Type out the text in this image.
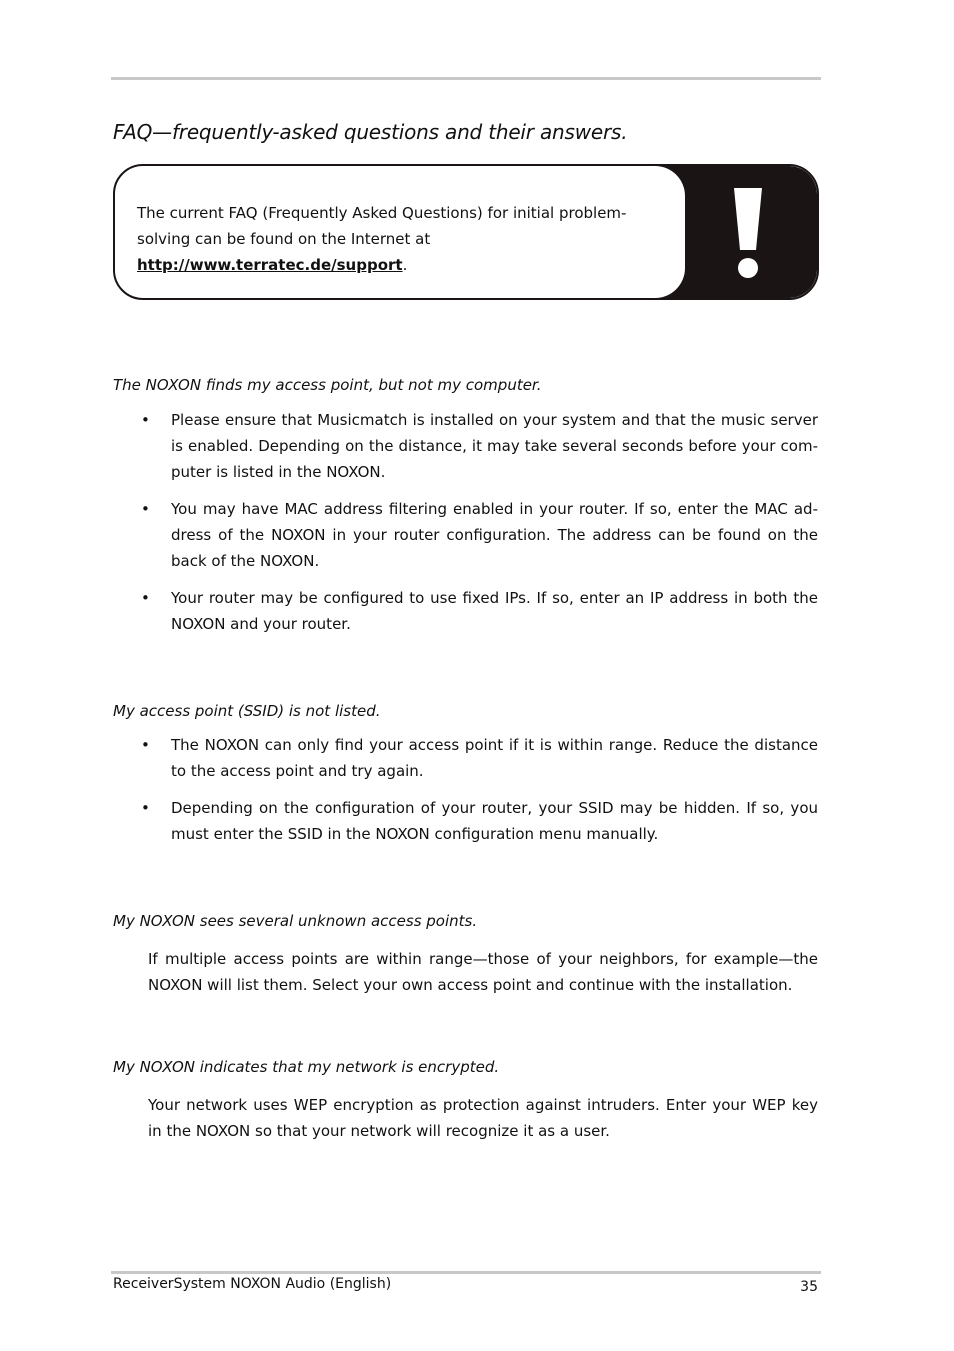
FAQ—frequently-asked questions and their answers.

The current FAQ (Frequently Asked Questions) for initial problem-solving can be found on the Internet at
http://www.terratec.de/support.

The NOXON finds my access point, but not my computer.
• Please ensure that Musicmatch is installed on your system and that the music server is enabled. Depending on the distance, it may take several seconds before your com-puter is listed in the NOXON.
• You may have MAC address filtering enabled in your router. If so, enter the MAC ad-dress of the NOXON in your router configuration. The address can be found on the back of the NOXON.
• Your router may be configured to use fixed IPs. If so, enter an IP address in both the NOXON and your router.
My access point (SSID) is not listed.
• The NOXON can only find your access point if it is within range. Reduce the distance to the access point and try again.
• Depending on the configuration of your router, your SSID may be hidden. If so, you must enter the SSID in the NOXON configuration menu manually.
My NOXON sees several unknown access points.

If multiple access points are within range—those of your neighbors, for example—the NOXON will list them. Select your own access point and continue with the installation.

My NOXON indicates that my network is encrypted.

Your network uses WEP encryption as protection against intruders. Enter your WEP key in the NOXON so that your network will recognize it as a user.

ReceiverSystem NOXON Audio (English)	35
